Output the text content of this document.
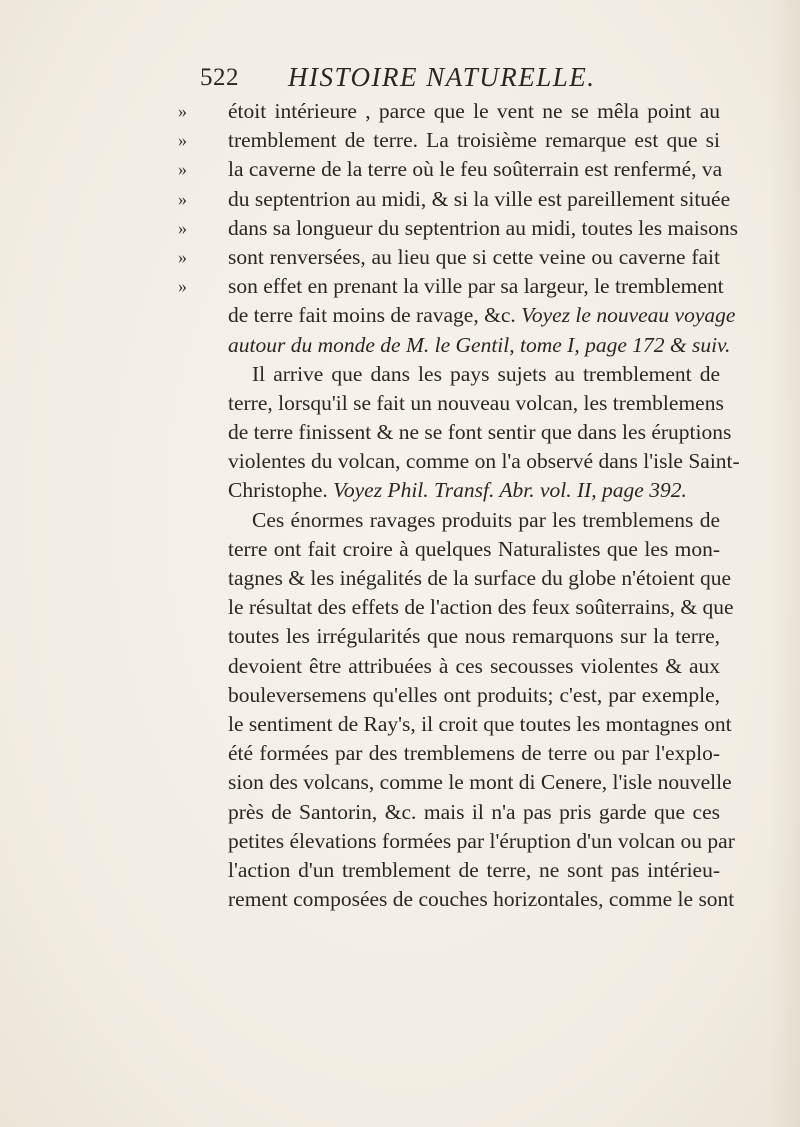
522 HISTOIRE NATURELLE.
» étoit intérieure , parce que le vent ne se mêla point au
» tremblement de terre. La troisième remarque est que si
» la caverne de la terre où le feu soûterrain est renfermé, va
» du septentrion au midi, & si la ville est pareillement située
» dans sa longueur du septentrion au midi, toutes les maisons
» sont renversées, au lieu que si cette veine ou caverne fait
» son effet en prenant la ville par sa largeur, le tremblement
de terre fait moins de ravage, &c. Voyez le nouveau voyage
autour du monde de M. le Gentil, tome I, page 172 & suiv.
Il arrive que dans les pays sujets au tremblement de
terre, lorsqu'il se fait un nouveau volcan, les tremblemens
de terre finissent & ne se font sentir que dans les éruptions
violentes du volcan, comme on l'a observé dans l'isle Saint-
Christophe. Voyez Phil. Transf. Abr. vol. II, page 392.
Ces énormes ravages produits par les tremblemens de
terre ont fait croire à quelques Naturalistes que les mon-
tagnes & les inégalités de la surface du globe n'étoient que
le résultat des effets de l'action des feux soûterrains, & que
toutes les irrégularités que nous remarquons sur la terre,
devoient être attribuées à ces secousses violentes & aux
bouleversemens qu'elles ont produits; c'est, par exemple,
le sentiment de Ray's, il croit que toutes les montagnes ont
été formées par des tremblemens de terre ou par l'explo-
sion des volcans, comme le mont di Cenere, l'isle nouvelle
près de Santorin, &c. mais il n'a pas pris garde que ces
petites élevations formées par l'éruption d'un volcan ou par
l'action d'un tremblement de terre, ne sont pas intérieu-
rement composées de couches horizontales, comme le sont
